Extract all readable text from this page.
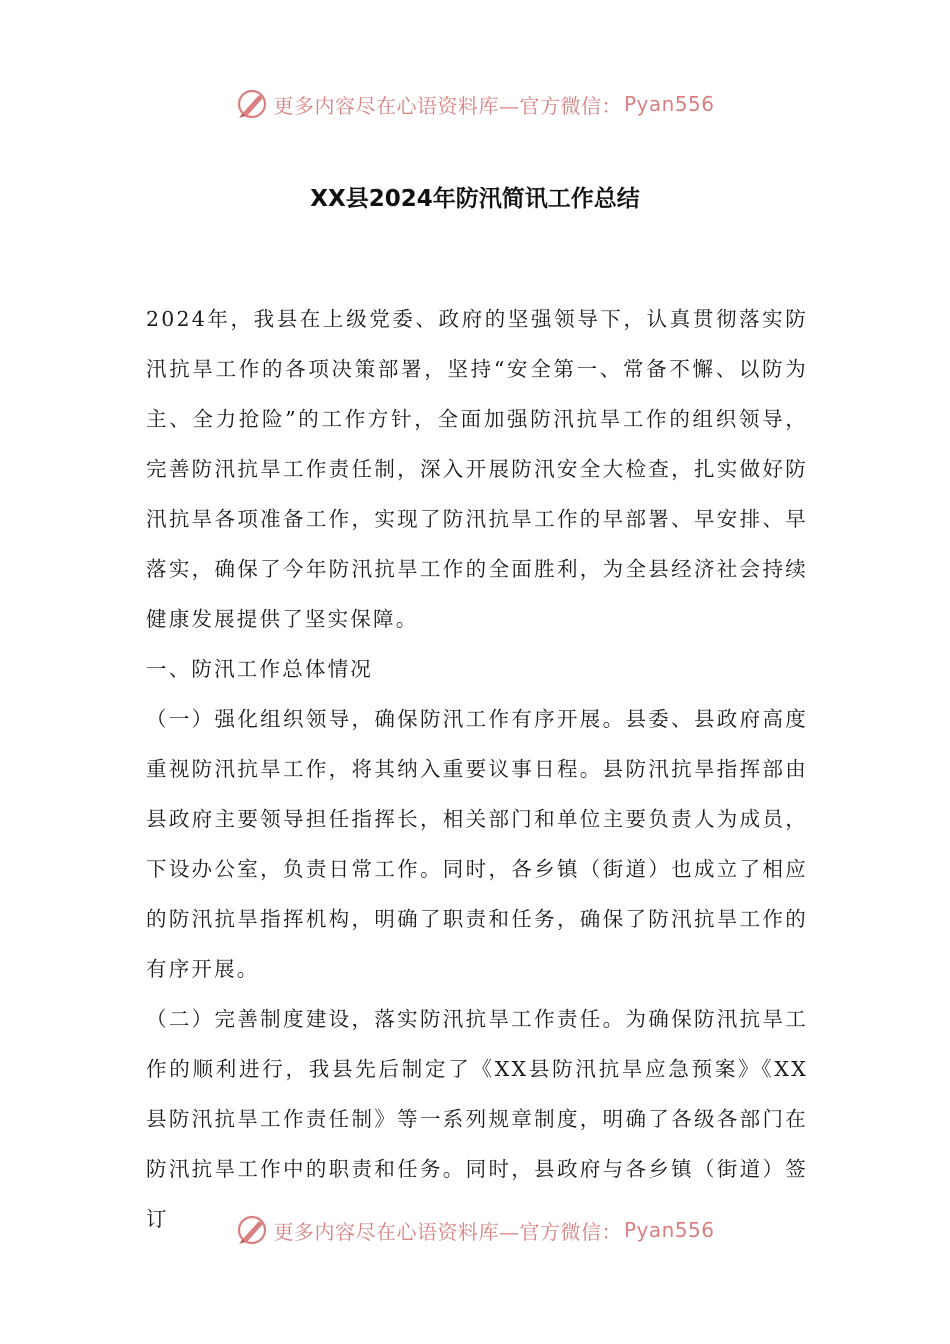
更多内容尽在心语资料库—官方微信： Pyan556
XX县2024年防汛简讯工作总结

2024年，我县在上级党委、政府的坚强领导下，认真贯彻落实防汛抗旱工作的各项决策部署，坚持“安全第一、常备不懈、以防为主、全力抢险”的工作方针，全面加强防汛抗旱工作的组织领导，完善防汛抗旱工作责任制，深入开展防汛安全大检查，扎实做好防汛抗旱各项准备工作，实现了防汛抗旱工作的早部署、早安排、早落实，确保了今年防汛抗旱工作的全面胜利，为全县经济社会持续健康发展提供了坚实保障。

一、防汛工作总体情况

（一）强化组织领导，确保防汛工作有序开展。县委、县政府高度重视防汛抗旱工作，将其纳入重要议事日程。县防汛抗旱指挥部由县政府主要领导担任指挥长，相关部门和单位主要负责人为成员，下设办公室，负责日常工作。同时，各乡镇（街道）也成立了相应的防汛抗旱指挥机构，明确了职责和任务，确保了防汛抗旱工作的有序开展。

（二）完善制度建设，落实防汛抗旱工作责任。为确保防汛抗旱工作的顺利进行，我县先后制定了《XX县防汛抗旱应急预案》《XX县防汛抗旱工作责任制》等一系列规章制度，明确了各级各部门在防汛抗旱工作中的职责和任务。同时，县政府与各乡镇（街道）签订

更多内容尽在心语资料库—官方微信： Pyan556
